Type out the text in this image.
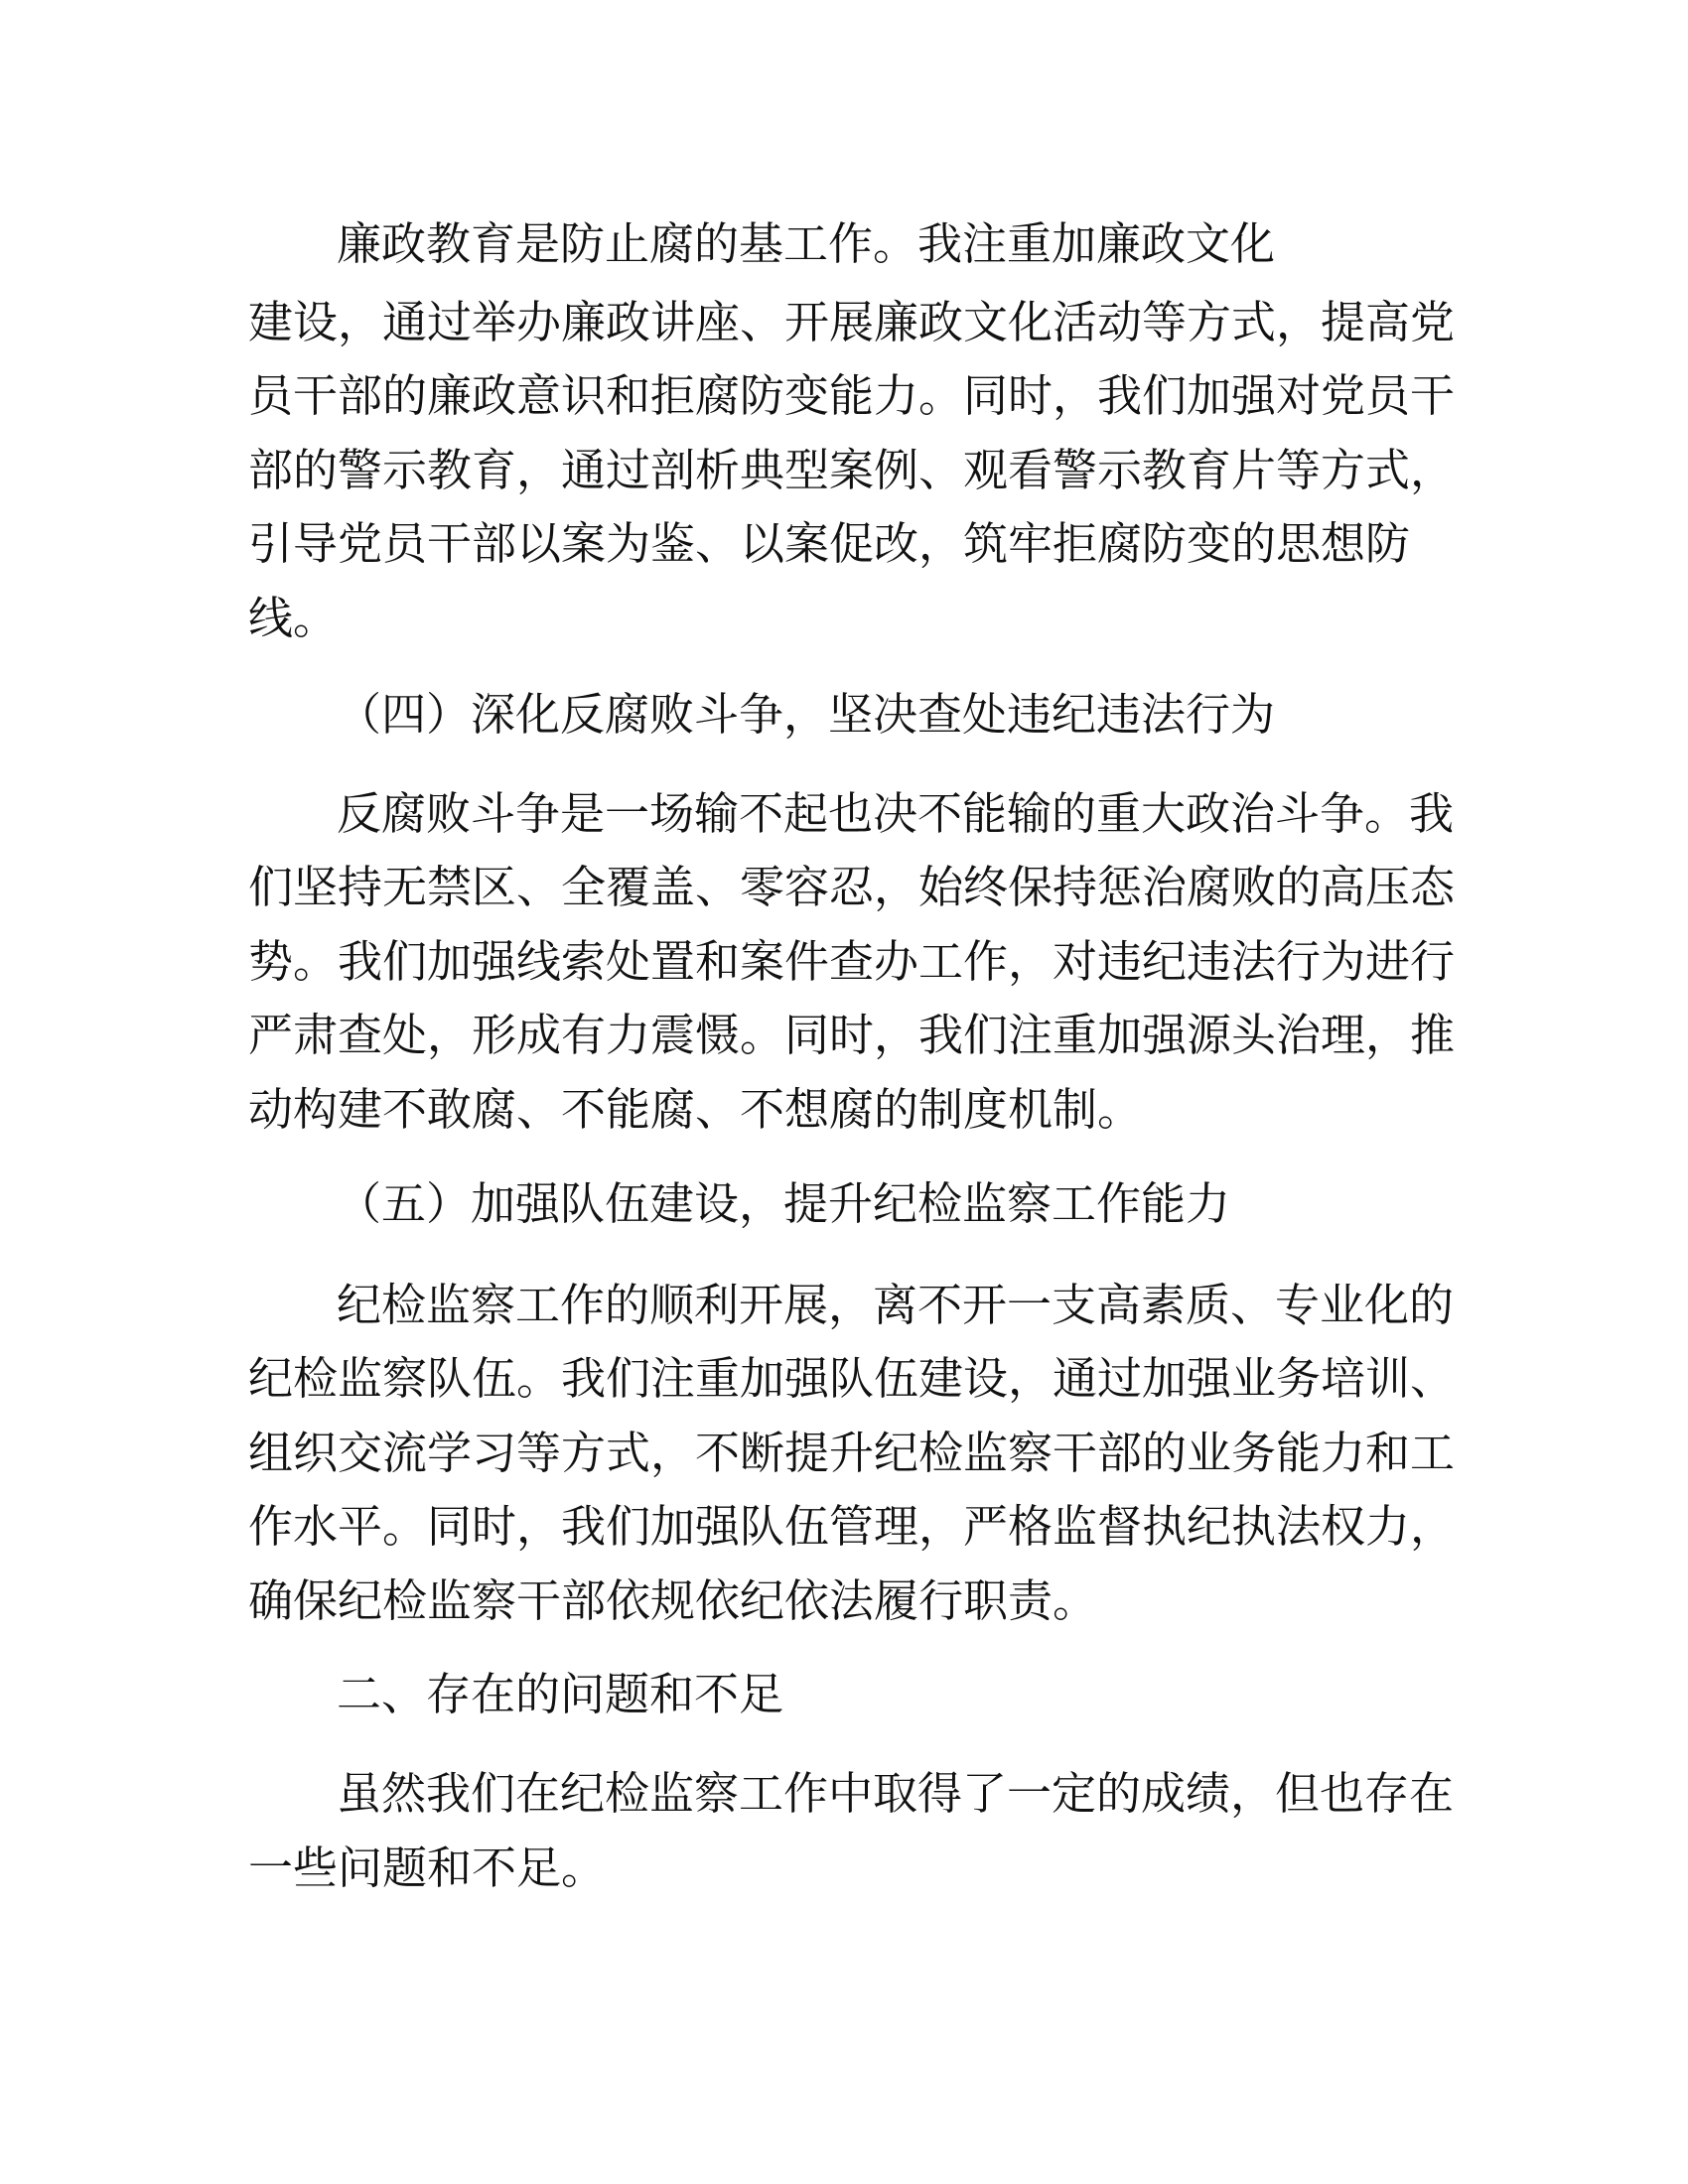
廉政教育是防止腐的基工作。我注重加廉政文化

建设，通过举办廉政讲座、开展廉政文化活动等方式，提高党

员干部的廉政意识和拒腐防变能力。同时，我们加强对党员干

部的警示教育，通过剖析典型案例、观看警示教育片等方式，

引导党员干部以案为鉴、以案促改，筑牢拒腐防变的思想防

线。

（四）深化反腐败斗争，坚决查处违纪违法行为

反腐败斗争是一场输不起也决不能输的重大政治斗争。我

们坚持无禁区、全覆盖、零容忍，始终保持惩治腐败的高压态

势。我们加强线索处置和案件查办工作，对违纪违法行为进行

严肃查处，形成有力震慑。同时，我们注重加强源头治理，推

动构建不敢腐、不能腐、不想腐的制度机制。

（五）加强队伍建设，提升纪检监察工作能力

纪检监察工作的顺利开展，离不开一支高素质、专业化的

纪检监察队伍。我们注重加强队伍建设，通过加强业务培训、

组织交流学习等方式，不断提升纪检监察干部的业务能力和工

作水平。同时，我们加强队伍管理，严格监督执纪执法权力，

确保纪检监察干部依规依纪依法履行职责。

二、存在的问题和不足

虽然我们在纪检监察工作中取得了一定的成绩，但也存在

一些问题和不足。
